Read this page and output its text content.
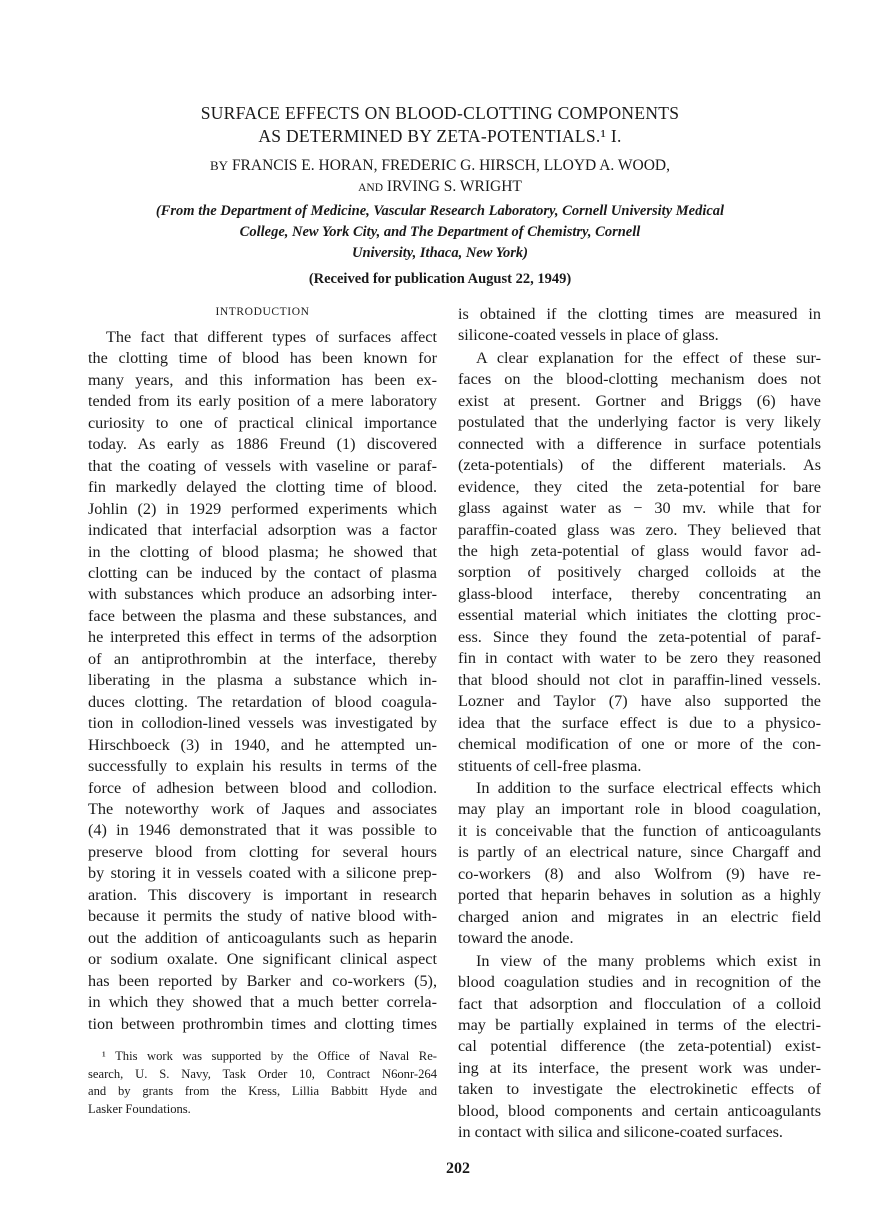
SURFACE EFFECTS ON BLOOD-CLOTTING COMPONENTS
AS DETERMINED BY ZETA-POTENTIALS.¹ I.
BY FRANCIS E. HORAN, FREDERIC G. HIRSCH, LLOYD A. WOOD,
AND IRVING S. WRIGHT
(From the Department of Medicine, Vascular Research Laboratory, Cornell University Medical
College, New York City, and The Department of Chemistry, Cornell
University, Ithaca, New York)
(Received for publication August 22, 1949)
INTRODUCTION
The fact that different types of surfaces affect
the clotting time of blood has been known for
many years, and this information has been ex-
tended from its early position of a mere laboratory
curiosity to one of practical clinical importance
today. As early as 1886 Freund (1) discovered
that the coating of vessels with vaseline or paraf-
fin markedly delayed the clotting time of blood.
Johlin (2) in 1929 performed experiments which
indicated that interfacial adsorption was a factor
in the clotting of blood plasma; he showed that
clotting can be induced by the contact of plasma
with substances which produce an adsorbing inter-
face between the plasma and these substances, and
he interpreted this effect in terms of the adsorption
of an antiprothrombin at the interface, thereby
liberating in the plasma a substance which in-
duces clotting. The retardation of blood coagula-
tion in collodion-lined vessels was investigated by
Hirschboeck (3) in 1940, and he attempted un-
successfully to explain his results in terms of the
force of adhesion between blood and collodion.
The noteworthy work of Jaques and associates
(4) in 1946 demonstrated that it was possible to
preserve blood from clotting for several hours
by storing it in vessels coated with a silicone prep-
aration. This discovery is important in research
because it permits the study of native blood with-
out the addition of anticoagulants such as heparin
or sodium oxalate. One significant clinical aspect
has been reported by Barker and co-workers (5),
in which they showed that a much better correla-
tion between prothrombin times and clotting times
is obtained if the clotting times are measured in
silicone-coated vessels in place of glass.
A clear explanation for the effect of these sur-
faces on the blood-clotting mechanism does not
exist at present. Gortner and Briggs (6) have
postulated that the underlying factor is very likely
connected with a difference in surface potentials
(zeta-potentials) of the different materials. As
evidence, they cited the zeta-potential for bare
glass against water as − 30 mv. while that for
paraffin-coated glass was zero. They believed that
the high zeta-potential of glass would favor ad-
sorption of positively charged colloids at the
glass-blood interface, thereby concentrating an
essential material which initiates the clotting proc-
ess. Since they found the zeta-potential of paraf-
fin in contact with water to be zero they reasoned
that blood should not clot in paraffin-lined vessels.
Lozner and Taylor (7) have also supported the
idea that the surface effect is due to a physico-
chemical modification of one or more of the con-
stituents of cell-free plasma.
In addition to the surface electrical effects which
may play an important role in blood coagulation,
it is conceivable that the function of anticoagulants
is partly of an electrical nature, since Chargaff and
co-workers (8) and also Wolfrom (9) have re-
ported that heparin behaves in solution as a highly
charged anion and migrates in an electric field
toward the anode.
In view of the many problems which exist in
blood coagulation studies and in recognition of the
fact that adsorption and flocculation of a colloid
may be partially explained in terms of the electri-
cal potential difference (the zeta-potential) exist-
ing at its interface, the present work was under-
taken to investigate the electrokinetic effects of
blood, blood components and certain anticoagulants
in contact with silica and silicone-coated surfaces.
¹ This work was supported by the Office of Naval Re-
search, U. S. Navy, Task Order 10, Contract N6onr-264
and by grants from the Kress, Lillia Babbitt Hyde and
Lasker Foundations.
202
